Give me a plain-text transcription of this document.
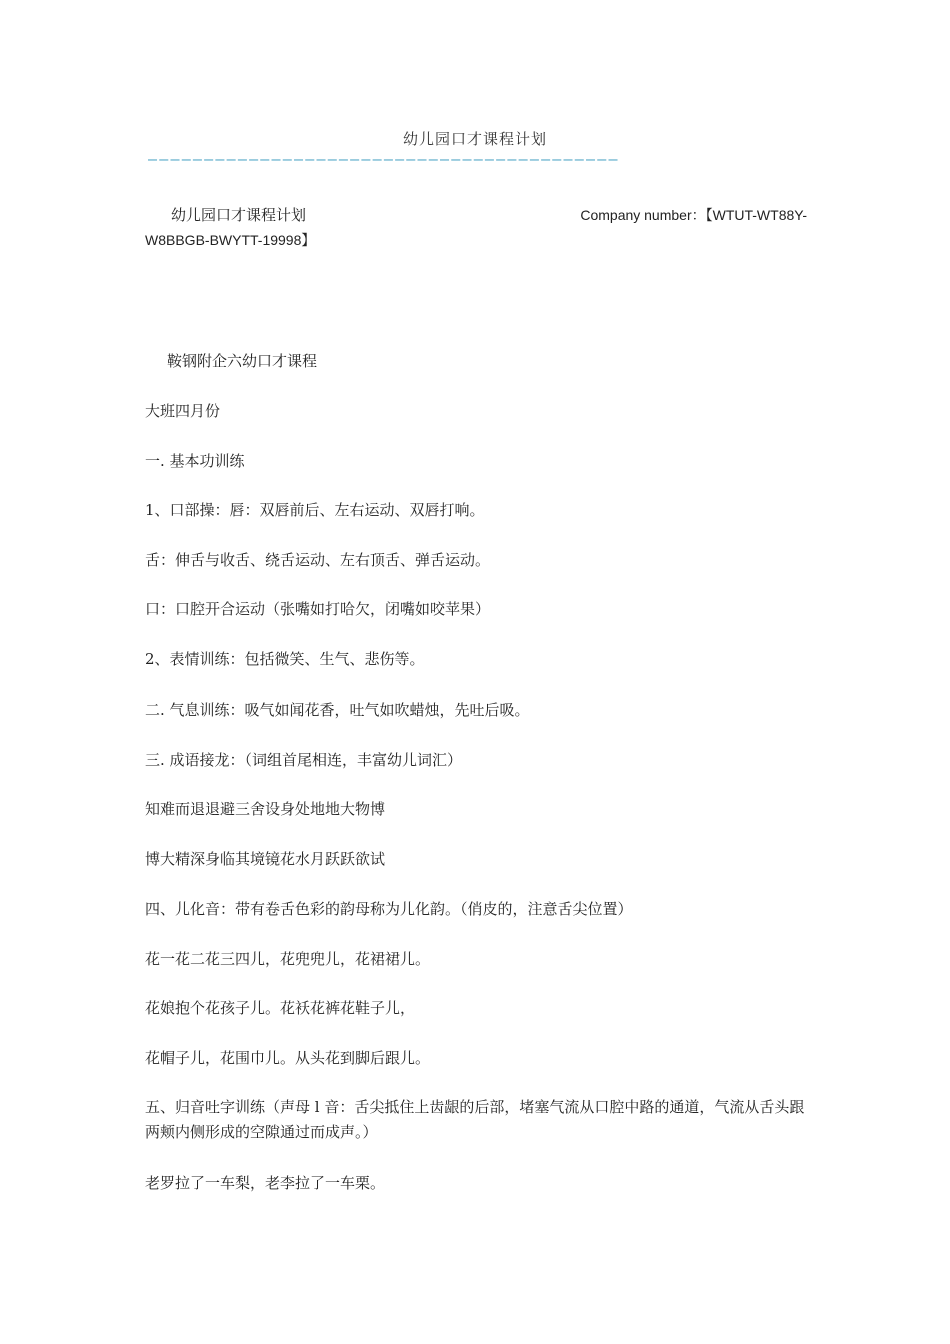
幼儿园口才课程计划
——————————————————————————————————————————
幼儿园口才课程计划	Company number：【WTUT-WT88Y-
W8BBGB-BWYTT-19998】

鞍钢附企六幼口才课程

大班四月份

一. 基本功训练

1、口部操：唇：双唇前后、左右运动、双唇打响。

舌：伸舌与收舌、绕舌运动、左右顶舌、弹舌运动。

口：口腔开合运动（张嘴如打哈欠，闭嘴如咬苹果）

2、表情训练：包括微笑、生气、悲伤等。

二. 气息训练：吸气如闻花香，吐气如吹蜡烛，先吐后吸。

三. 成语接龙：（词组首尾相连，丰富幼儿词汇）

知难而退退避三舍设身处地地大物博

博大精深身临其境镜花水月跃跃欲试

四、儿化音：带有卷舌色彩的韵母称为儿化韵。（俏皮的，注意舌尖位置）

花一花二花三四儿，花兜兜儿，花裙裙儿。

花娘抱个花孩子儿。花袄花裤花鞋子儿，

花帽子儿，花围巾儿。从头花到脚后跟儿。

五、归音吐字训练（声母 l 音：舌尖抵住上齿龈的后部，堵塞气流从口腔中路的通道，气流从舌头跟两颊内侧形成的空隙通过而成声。）

老罗拉了一车梨，老李拉了一车栗。
